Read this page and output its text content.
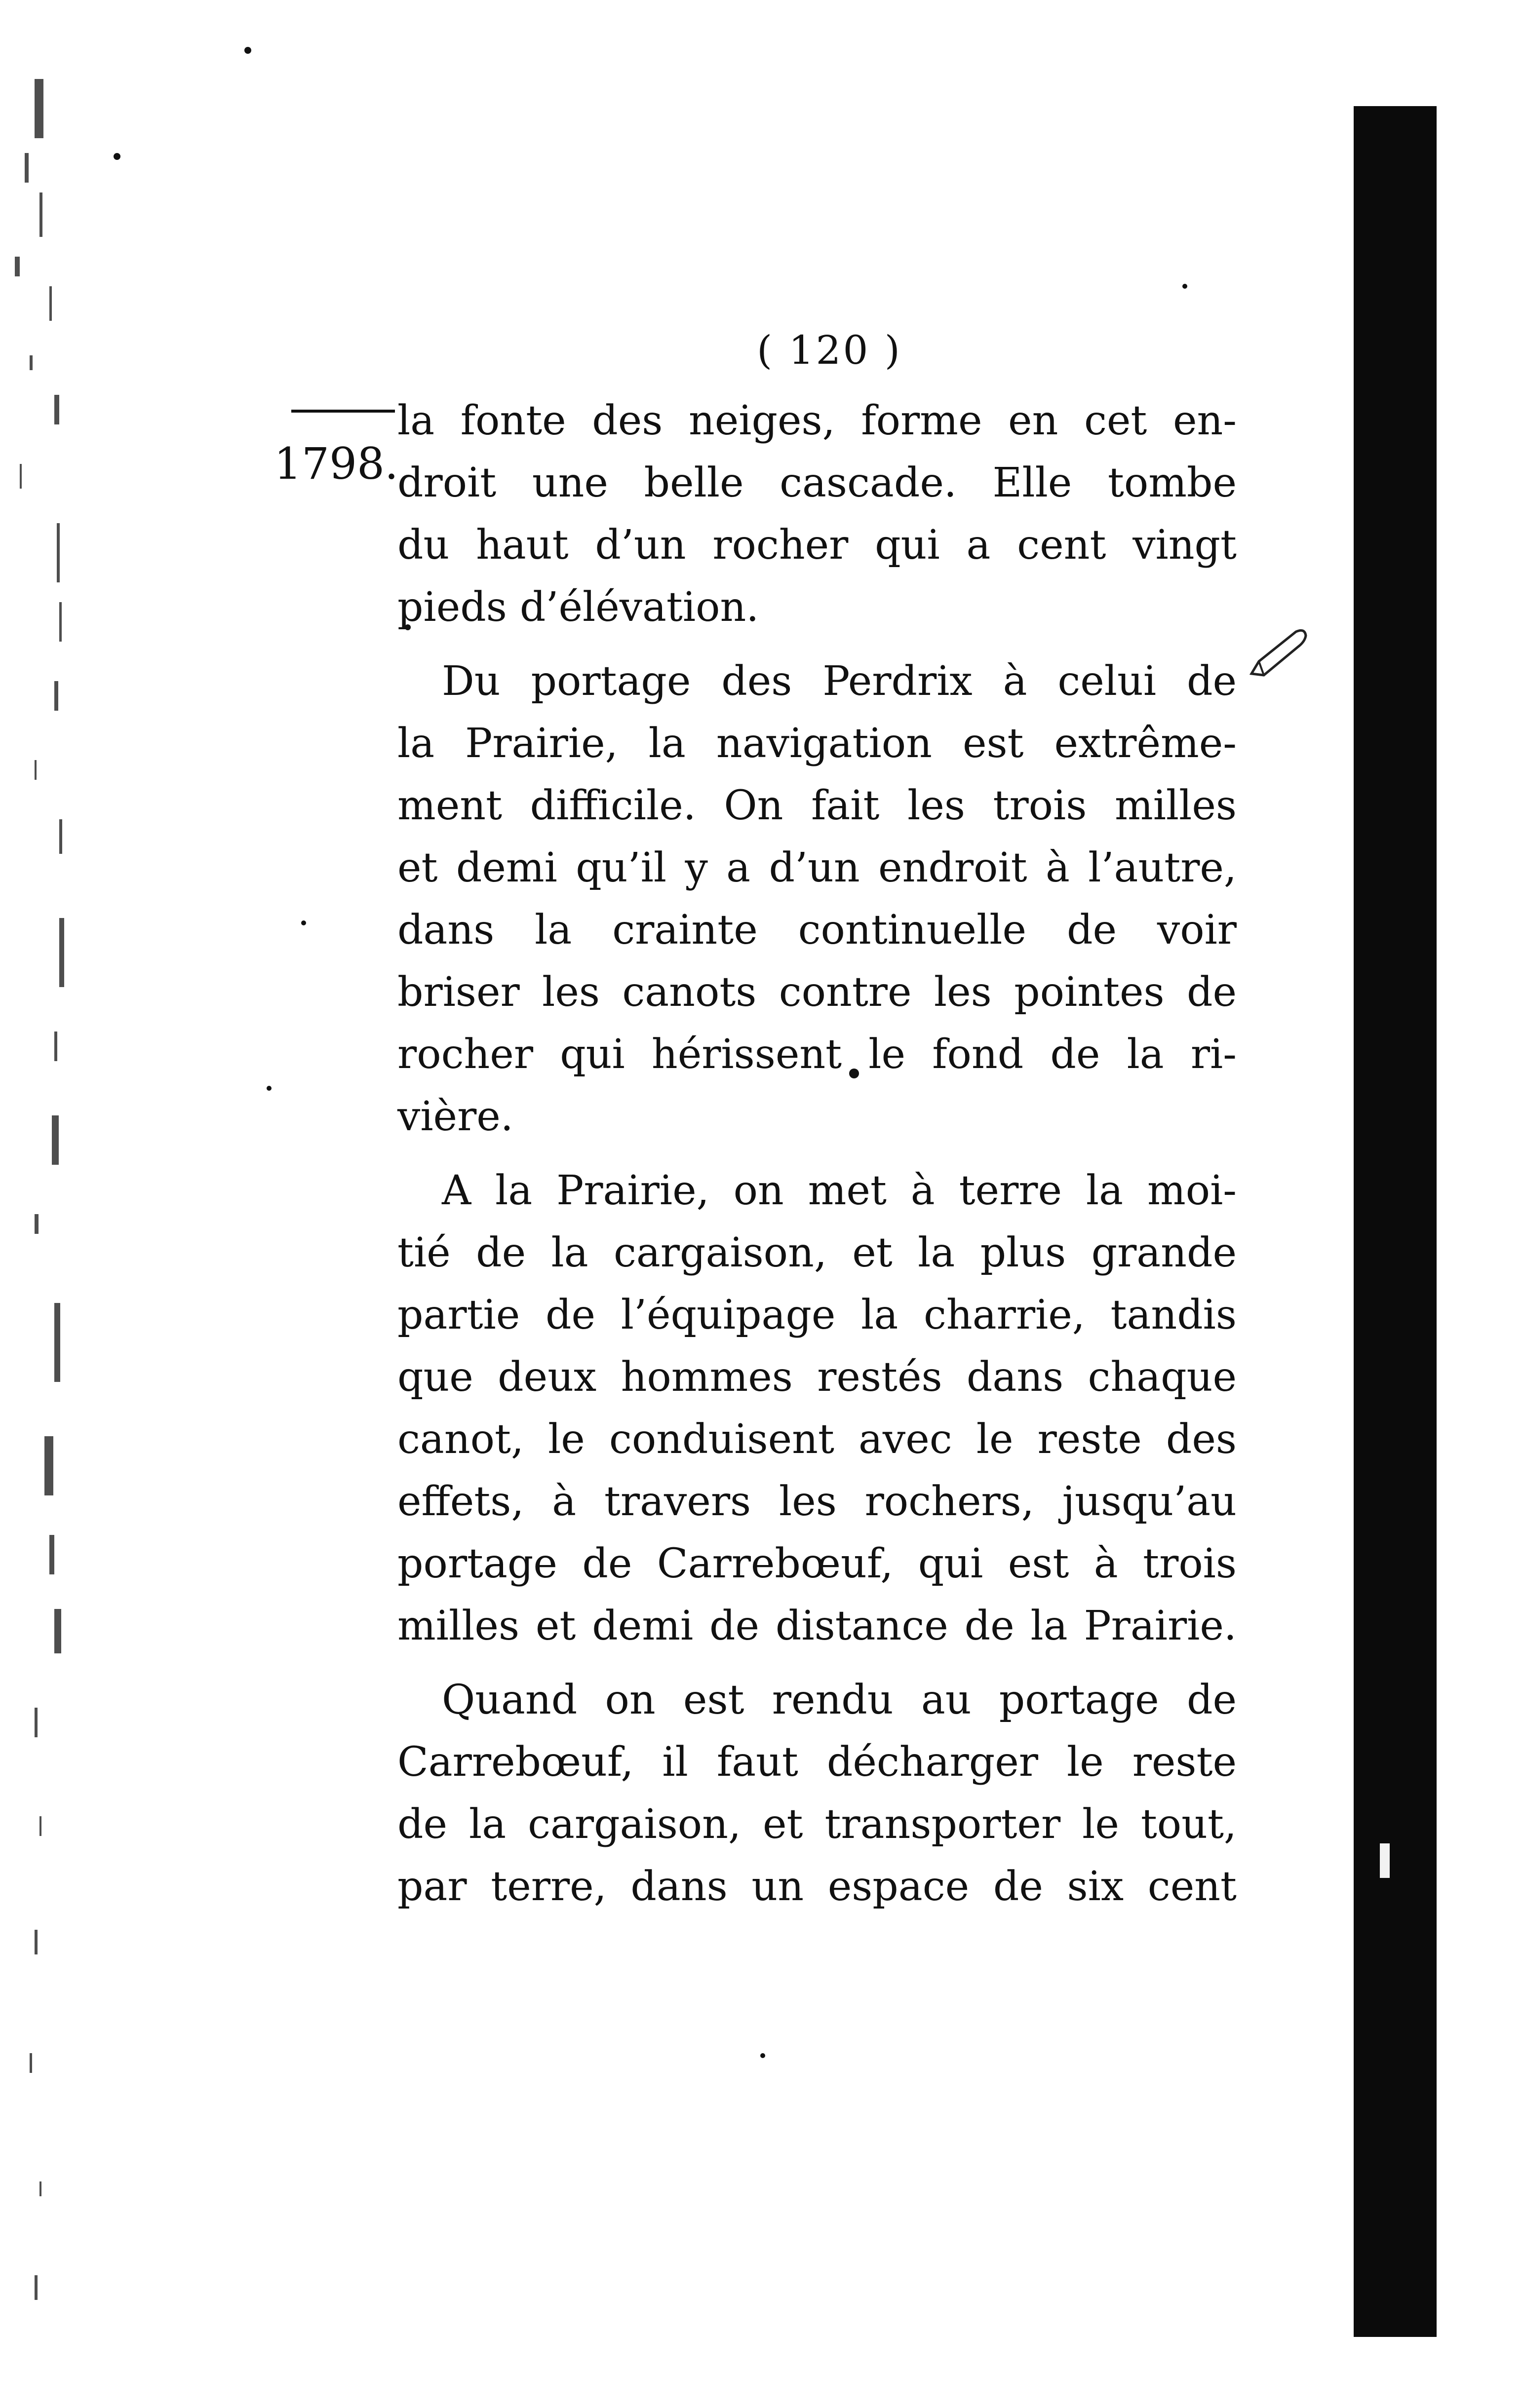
( 120 )
1798.
la fonte des neiges, forme en cet en-
droit une belle cascade. Elle tombe
du haut d’un rocher qui a cent vingt
pieds d’élévation.
Du portage des Perdrix à celui de
la Prairie, la navigation est extrême-
ment difficile. On fait les trois milles
et demi qu’il y a d’un endroit à l’autre,
dans la crainte continuelle de voir
briser les canots contre les pointes de
rocher qui hérissent le fond de la ri-
vière.
A la Prairie, on met à terre la moi-
tié de la cargaison, et la plus grande
partie de l’équipage la charrie, tandis
que deux hommes restés dans chaque
canot, le conduisent avec le reste des
effets, à travers les rochers, jusqu’au
portage de Carrebœuf, qui est à trois
milles et demi de distance de la Prairie.
Quand on est rendu au portage de
Carrebœuf, il faut décharger le reste
de la cargaison, et transporter le tout,
par terre, dans un espace de six cent
